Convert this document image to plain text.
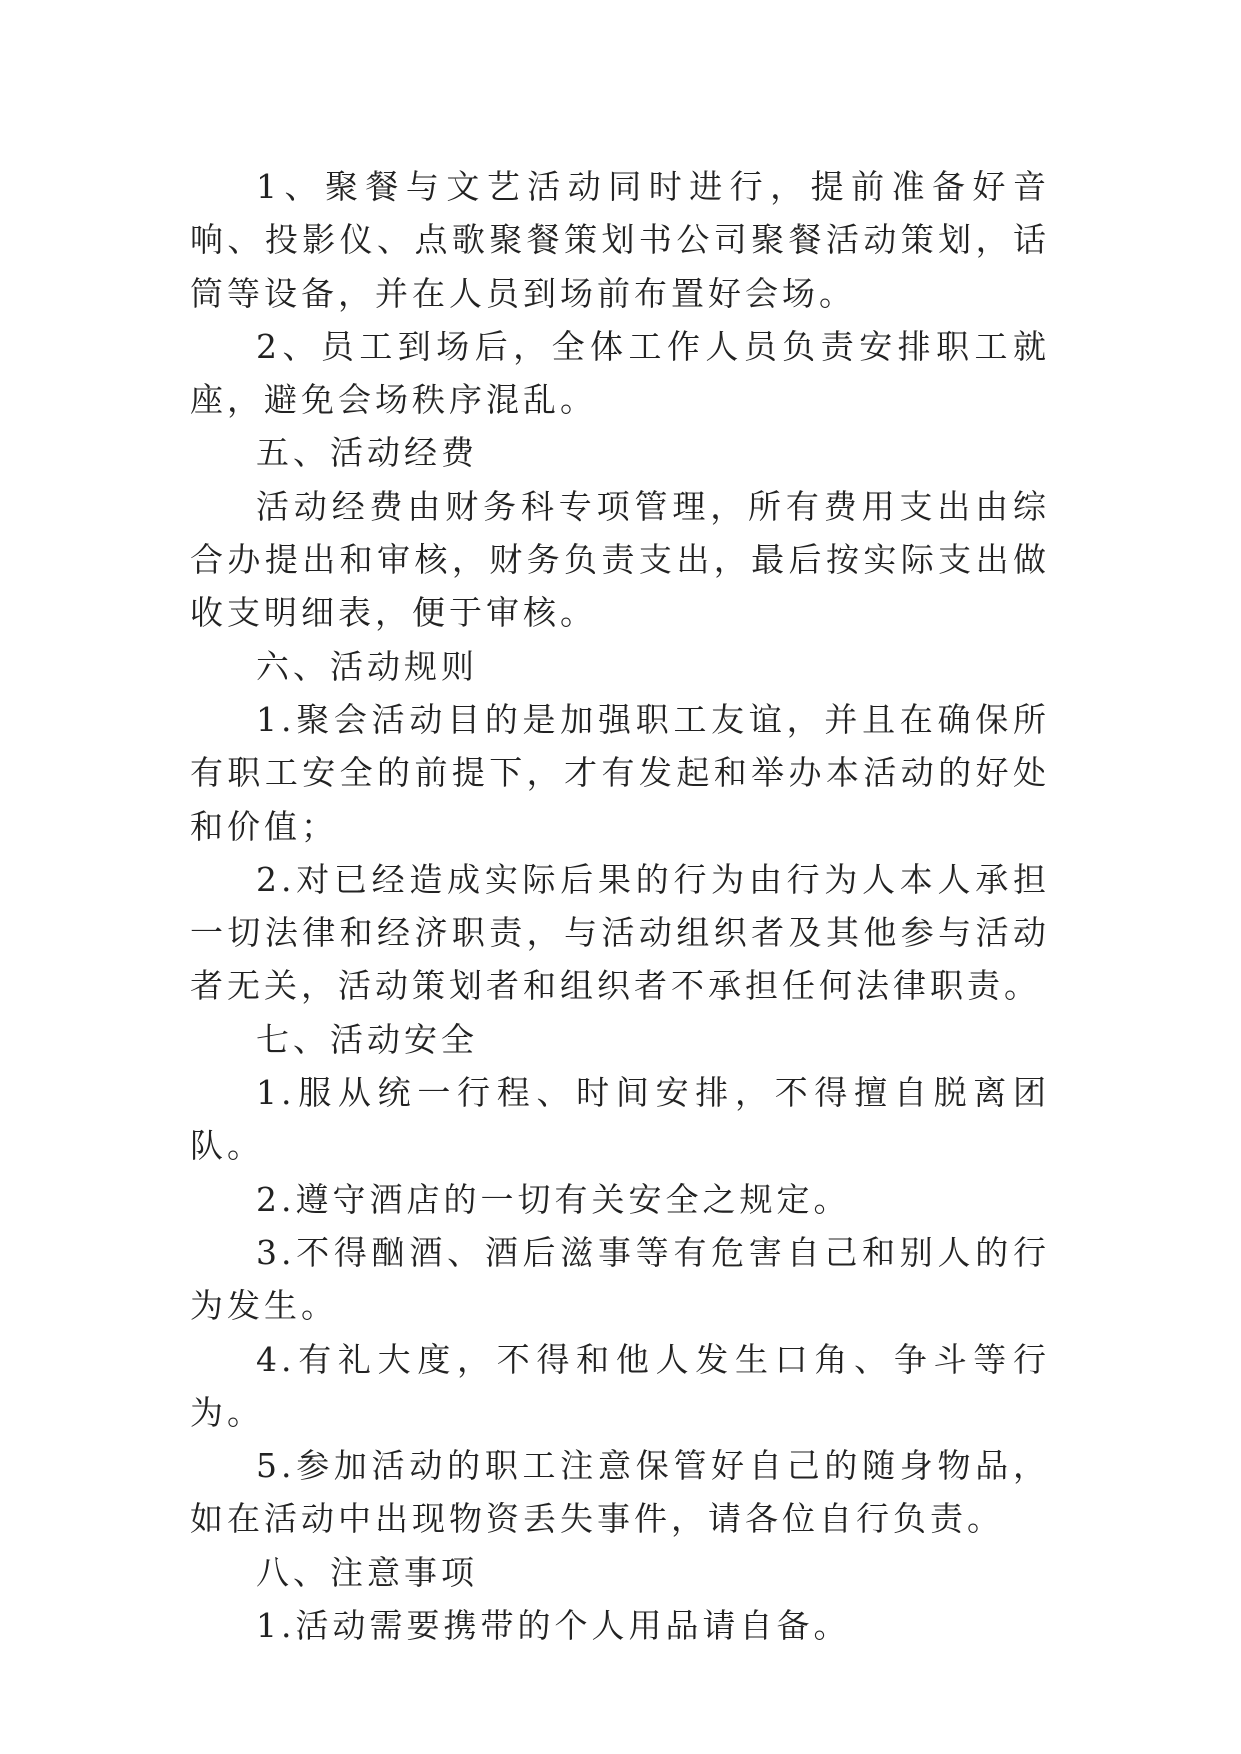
1、聚餐与文艺活动同时进行，提前准备好音响、投影仪、点歌聚餐策划书公司聚餐活动策划，话筒等设备，并在人员到场前布置好会场。

2、员工到场后，全体工作人员负责安排职工就座，避免会场秩序混乱。

五、活动经费

活动经费由财务科专项管理，所有费用支出由综合办提出和审核，财务负责支出，最后按实际支出做收支明细表，便于审核。

六、活动规则

1.聚会活动目的是加强职工友谊，并且在确保所有职工安全的前提下，才有发起和举办本活动的好处和价值；

2.对已经造成实际后果的行为由行为人本人承担一切法律和经济职责，与活动组织者及其他参与活动者无关，活动策划者和组织者不承担任何法律职责。

七、活动安全

1.服从统一行程、时间安排，不得擅自脱离团队。

2.遵守酒店的一切有关安全之规定。

3.不得酗酒、酒后滋事等有危害自己和别人的行为发生。

4.有礼大度，不得和他人发生口角、争斗等行为。

5.参加活动的职工注意保管好自己的随身物品，如在活动中出现物资丢失事件，请各位自行负责。

八、注意事项

1.活动需要携带的个人用品请自备。
